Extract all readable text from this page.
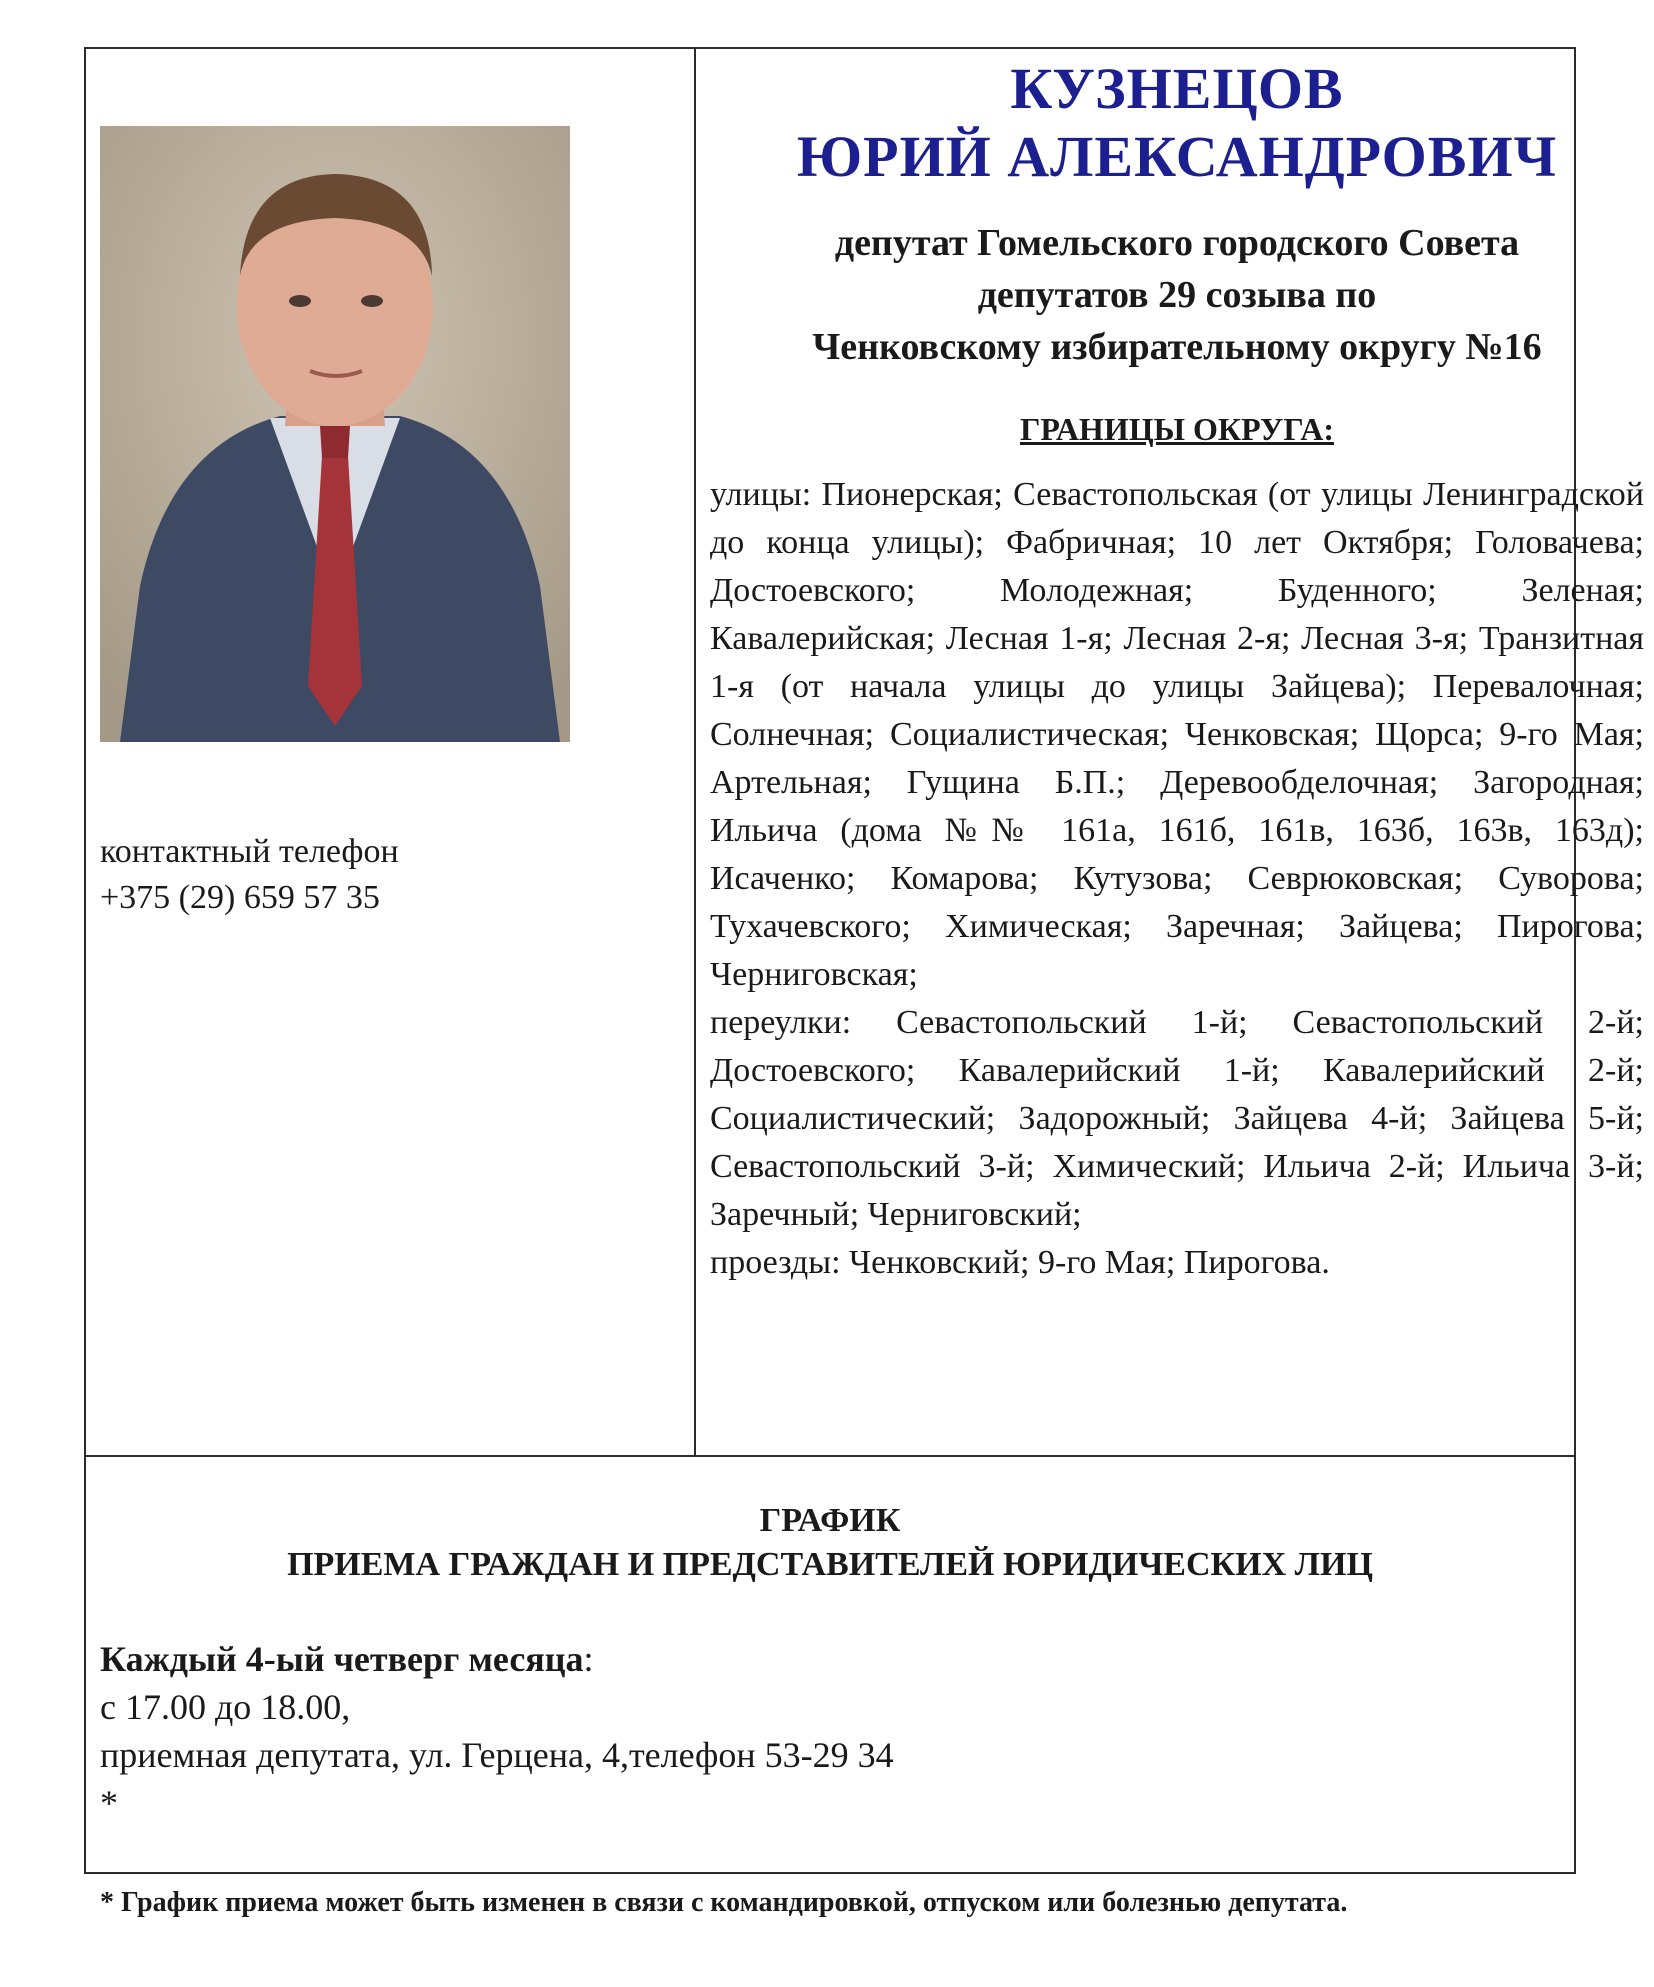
контактный телефон
+375 (29) 659 57 35
КУЗНЕЦОВ
ЮРИЙ АЛЕКСАНДРОВИЧ
депутат Гомельского городского Совета
депутатов 29 созыва по
Ченковскому избирательному округу №16
ГРАНИЦЫ ОКРУГА:

улицы: Пионерская; Севастопольская (от улицы Ленинградской до конца улицы); Фабричная; 10 лет Октября; Головачева; Достоевского; Молодежная; Буденного; Зеленая; Кавалерийская; Лесная 1-я; Лесная 2-я; Лесная 3-я; Транзитная 1-я (от начала улицы до улицы Зайцева); Перевалочная; Солнечная; Социалистическая; Ченковская; Щорса; 9-го Мая; Артельная; Гущина Б.П.; Деревообделочная; Загородная; Ильича (дома №№ 161а, 161б, 161в, 163б, 163в, 163д); Исаченко; Комарова; Кутузова; Севрюковская; Суворова; Тухачевского; Химическая; Заречная; Зайцева; Пирогова; Черниговская;

переулки: Севастопольский 1-й; Севастопольский 2-й; Достоевского; Кавалерийский 1-й; Кавалерийский 2-й; Социалистический; Задорожный; Зайцева 4-й; Зайцева 5-й; Севастопольский 3-й; Химический; Ильича 2-й; Ильича 3-й; Заречный; Черниговский;

проезды: Ченковский; 9-го Мая; Пирогова.

ГРАФИК
ПРИЕМА ГРАЖДАН И ПРЕДСТАВИТЕЛЕЙ ЮРИДИЧЕСКИХ ЛИЦ
Каждый 4-ый четверг месяца:
с 17.00 до 18.00,
приемная депутата, ул. Герцена, 4,телефон 53-29 34
*
* График приема может быть изменен в связи с командировкой, отпуском или болезнью депутата.
